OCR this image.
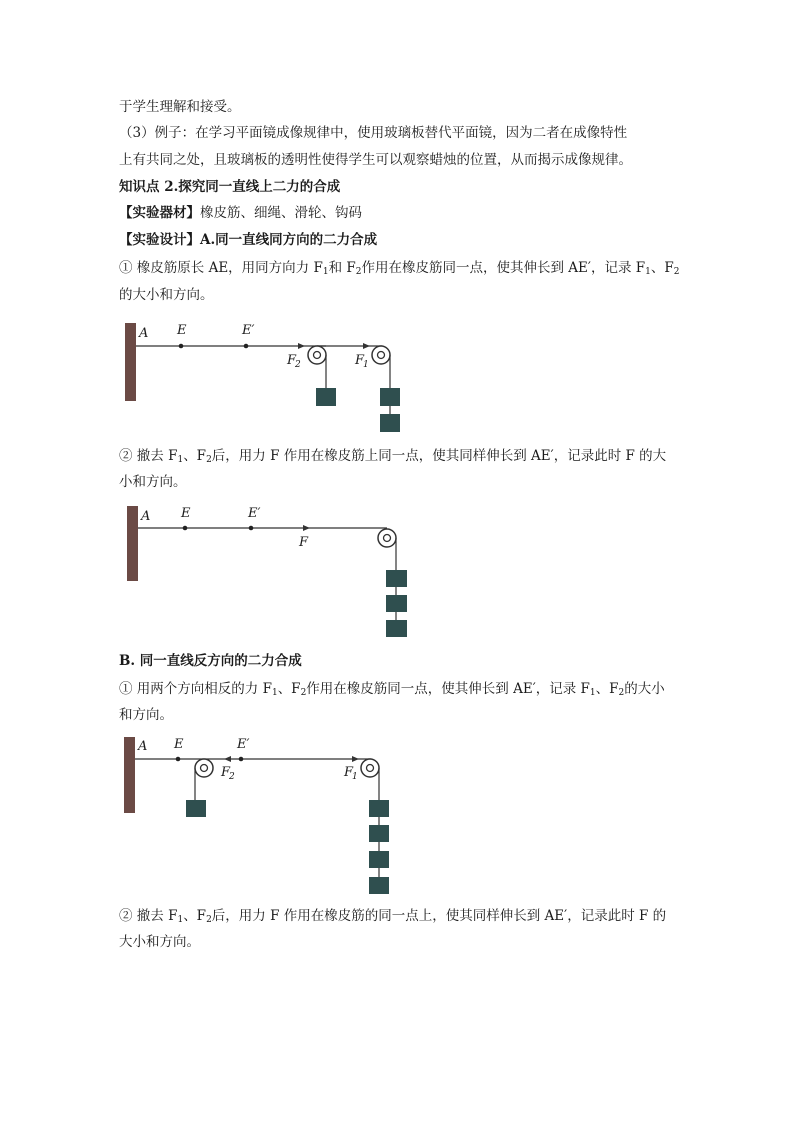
于学生理解和接受。
（3）例子：在学习平面镜成像规律中，使用玻璃板替代平面镜，因为二者在成像特性
上有共同之处，且玻璃板的透明性使得学生可以观察蜡烛的位置，从而揭示成像规律。
知识点 2.探究同一直线上二力的合成
【实验器材】橡皮筋、细绳、滑轮、钩码
【实验设计】A.同一直线同方向的二力合成
① 橡皮筋原长 AE，用同方向力 $F_1$和 $F_2$作用在橡皮筋同一点，使其伸长到 AE′，记录 $F_1$、$F_2$
的大小和方向。
A E	E′
F
2	F
1
② 撤去 $F_1$、$F_2$后，用力 F 作用在橡皮筋上同一点，使其同样伸长到 AE′，记录此时 F 的大
小和方向。
A E	E′
F
B. 同一直线反方向的二力合成
① 用两个方向相反的力 $F_1$、$F_2$作用在橡皮筋同一点，使其伸长到 AE′，记录 $F_1$、$F_2$的大小
和方向。
A E	E′
F
2	F
1
② 撤去 $F_1$、$F_2$后，用力 F 作用在橡皮筋的同一点上，使其同样伸长到 AE′，记录此时 F 的
大小和方向。
